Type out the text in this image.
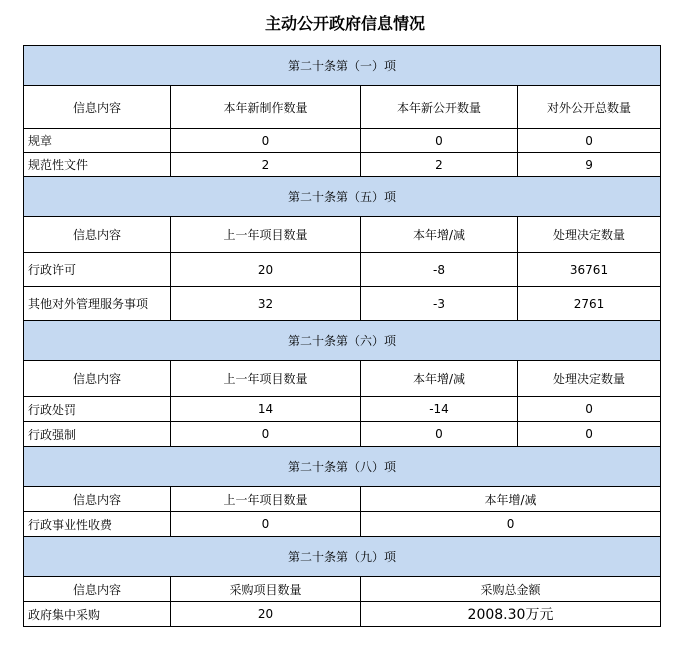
主动公开政府信息情况
第二十条第（一）项			
信息内容	本年新制作数量	本年新公开数量	对外公开总数量
规章	0	0	0
规范性文件	2	2	9
第二十条第（五）项			
信息内容	上一年项目数量	本年增/减	处理决定数量
行政许可	20	-8	36761
其他对外管理服务事项	32	-3	2761
第二十条第（六）项			
信息内容	上一年项目数量	本年增/减	处理决定数量
行政处罚	14	-14	0
行政强制	0	0	0
第二十条第（八）项			
信息内容	上一年项目数量	本年增/减	
行政事业性收费	0	0	
第二十条第（九）项			
信息内容	采购项目数量	采购总金额	
政府集中采购	20	2008.30万元	
